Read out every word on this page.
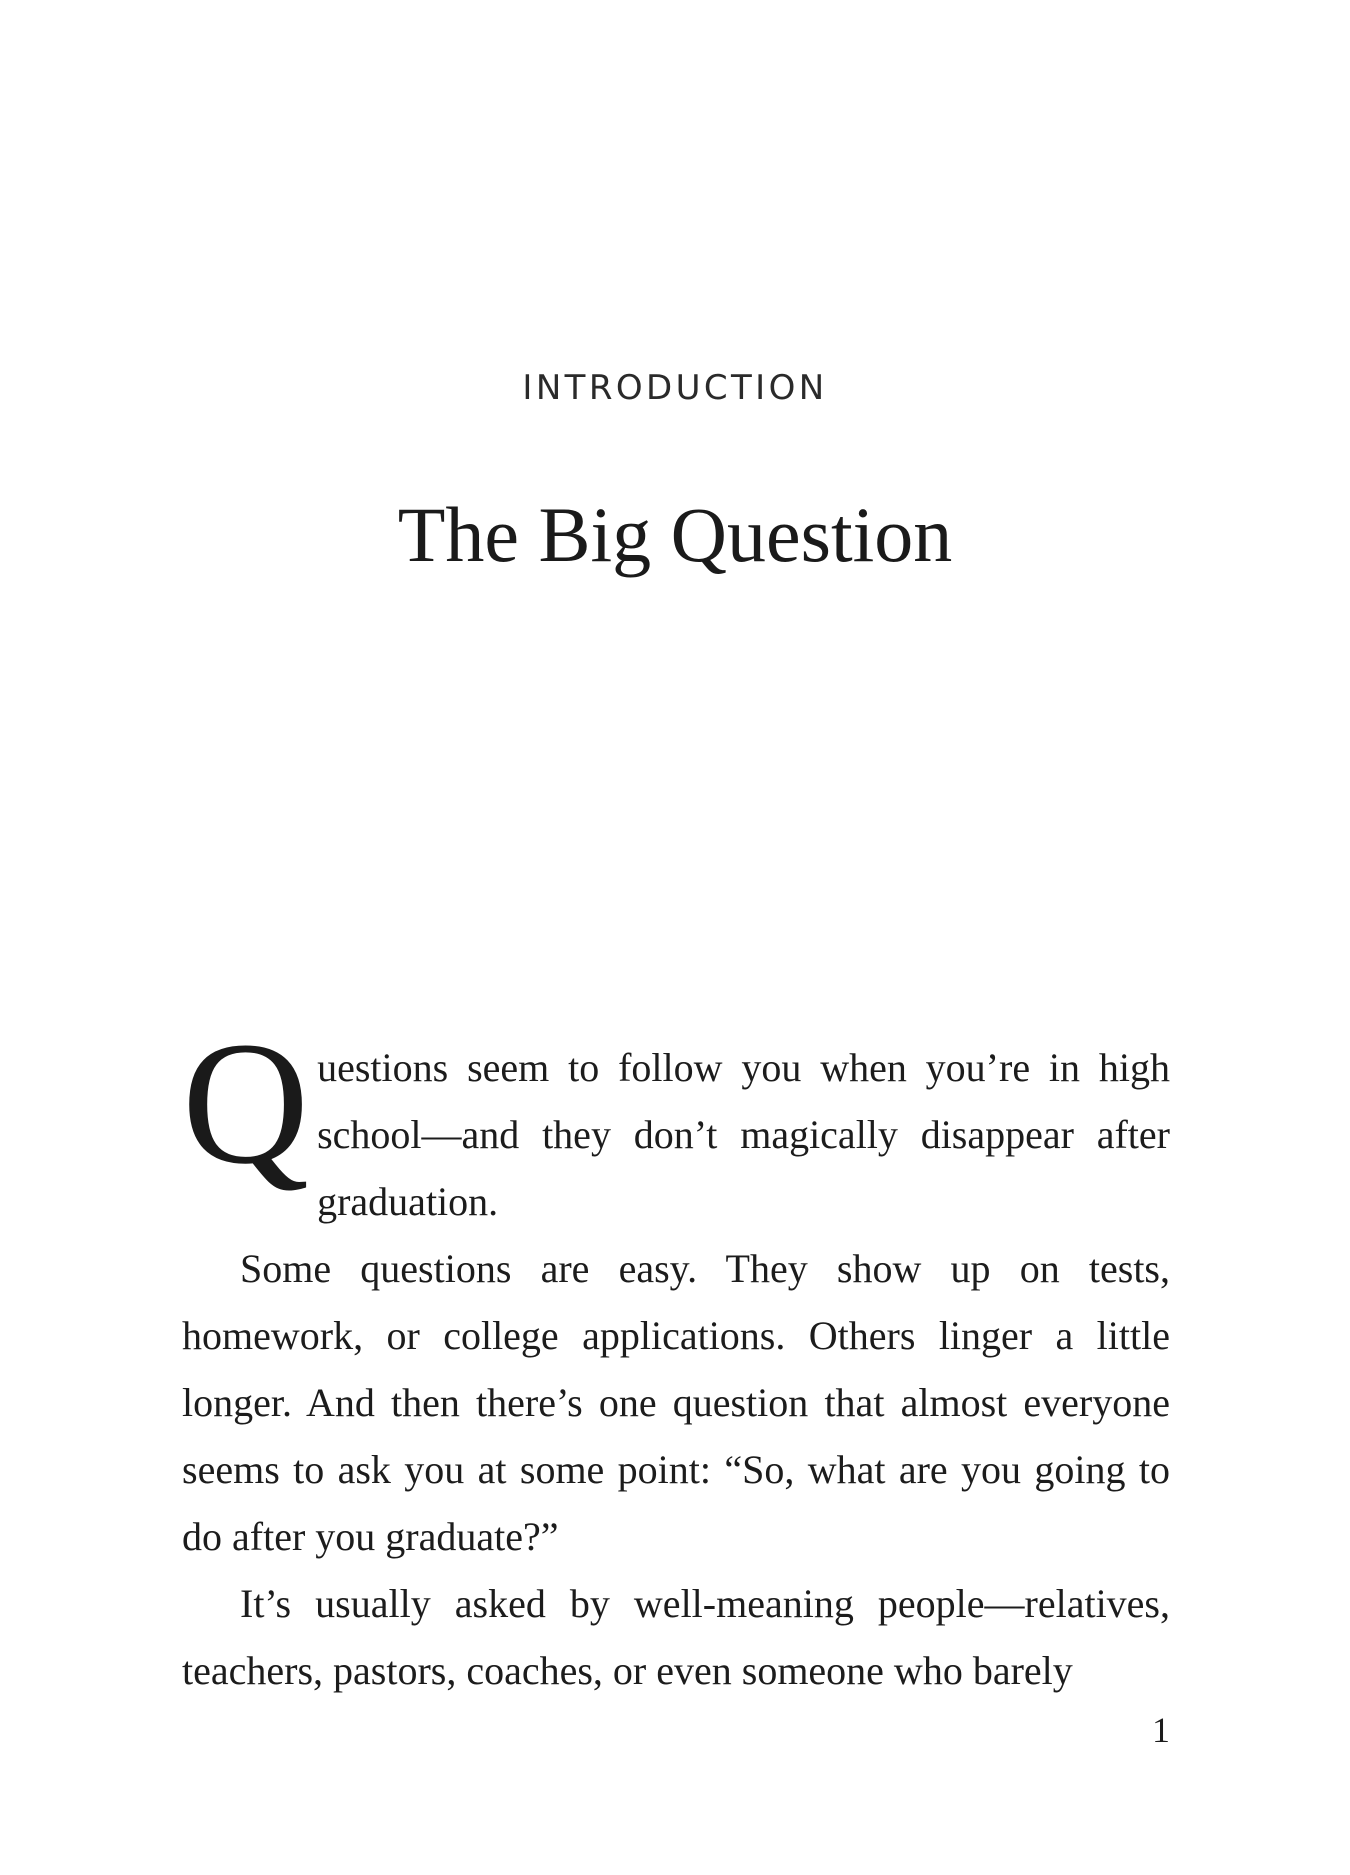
INTRODUCTION
The Big Question

Questions seem to follow you when you’re in high school—and they don’t magically disappear after graduation.

Some questions are easy. They show up on tests, homework, or college applications. Others linger a little longer. And then there’s one question that almost everyone seems to ask you at some point: “So, what are you going to do after you graduate?”

It’s usually asked by well-meaning people—relatives, teachers, pastors, coaches, or even someone who barely

1
